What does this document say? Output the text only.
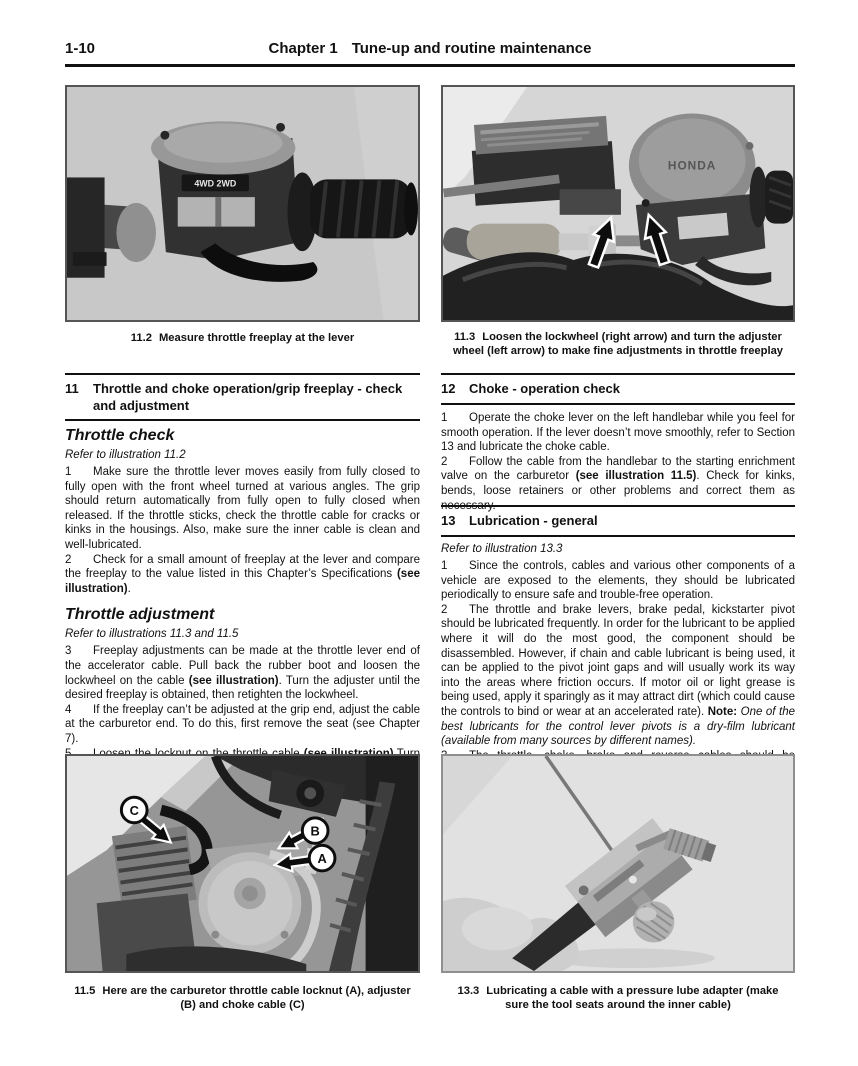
1-10	Chapter 1 Tune-up and routine maintenance
4WD 2WD
HONDA
11.2 Measure throttle freeplay at the lever	11.3 Loosen the lockwheel (right arrow) and turn the adjuster wheel (left arrow) to make fine adjustments in throttle freeplay
11	Throttle and choke operation/grip freeplay - check and adjustment
Throttle check

Refer to illustration 11.2

1 Make sure the throttle lever moves easily from fully closed to fully open with the front wheel turned at various angles. The grip should return automatically from fully open to fully closed when released. If the throttle sticks, check the throttle cable for cracks or kinks in the housings. Also, make sure the inner cable is clean and well-lubricated.

2 Check for a small amount of freeplay at the lever and compare the freeplay to the value listed in this Chapter’s Specifications (see illustration).

Throttle adjustment

Refer to illustrations 11.3 and 11.5

3 Freeplay adjustments can be made at the throttle lever end of the accelerator cable. Pull back the rubber boot and loosen the lockwheel on the cable (see illustration). Turn the adjuster until the desired freeplay is obtained, then retighten the lockwheel.

4 If the freeplay can’t be adjusted at the grip end, adjust the cable at the carburetor end. To do this, first remove the seat (see Chapter 7).

12	Choke - operation check

1 Operate the choke lever on the left handlebar while you feel for smooth operation. If the lever doesn’t move smoothly, refer to Section 13 and lubricate the choke cable.

2 Follow the cable from the handlebar to the starting enrichment valve on the carburetor (see illustration 11.5). Check for kinks, bends, loose retainers or other problems and correct them as necessary.

13	Lubrication - general

Refer to illustration 13.3

1 Since the controls, cables and various other components of a vehicle are exposed to the elements, they should be lubricated periodically to ensure safe and trouble-free operation.

2 The throttle and brake levers, brake pedal, kickstarter pivot should be lubricated frequently. In order for the lubricant to be applied where it will do the most good, the component should be disassembled. However, if chain and cable lubricant is being used, it can be applied to the pivot joint gaps and will usually work its way into the areas where friction occurs. If motor oil or light grease is being used, apply it sparingly as it may attract dirt (which could cause the controls to bind or wear at an accelerated rate). Note: One of the best lubricants for the control lever pivots is a dry-film lubricant (available from many sources by different names).

C
B
A
11.5 Here are the carburetor throttle cable locknut (A), adjuster (B) and choke cable (C)
13.3 Lubricating a cable with a pressure lube adapter (make sure the tool seats around the inner cable)
